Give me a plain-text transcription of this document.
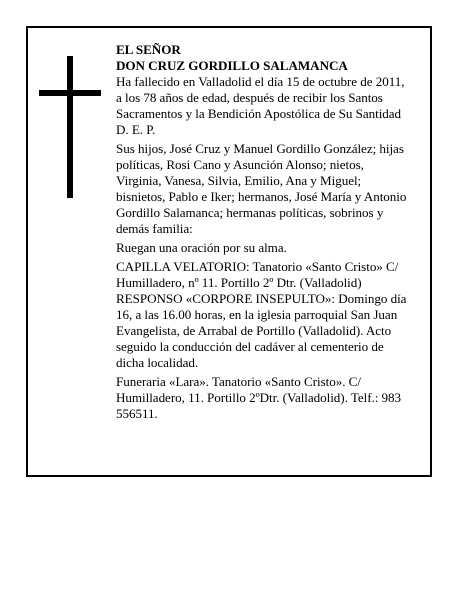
EL SEÑOR
DON CRUZ GORDILLO SALAMANCA
Ha fallecido en Valladolid el día 15 de octubre de 2011,
a los 78 años de edad, después de recibir los Santos
Sacramentos y la Bendición Apostólica de Su Santidad
D. E. P.
Sus hijos, José Cruz y Manuel Gordillo González; hijas
políticas, Rosi Cano y Asunción Alonso; nietos,
Virginia, Vanesa, Silvia, Emilio, Ana y Miguel;
bisnietos, Pablo e Iker; hermanos, José María y Antonio
Gordillo Salamanca; hermanas políticas, sobrinos y
demás familia:
Ruegan una oración por su alma.
CAPILLA VELATORIO: Tanatorio «Santo Cristo» C/
Humilladero, nº 11. Portillo 2º Dtr. (Valladolid)
RESPONSO «CORPORE INSEPULTO»: Domingo día
16, a las 16.00 horas, en la iglesia parroquial San Juan
Evangelista, de Arrabal de Portillo (Valladolid). Acto
seguido la conducción del cadáver al cementerio de
dicha localidad.
Funeraria «Lara». Tanatorio «Santo Cristo». C/
Humilladero, 11. Portillo 2ºDtr. (Valladolid). Telf.: 983
556511.
